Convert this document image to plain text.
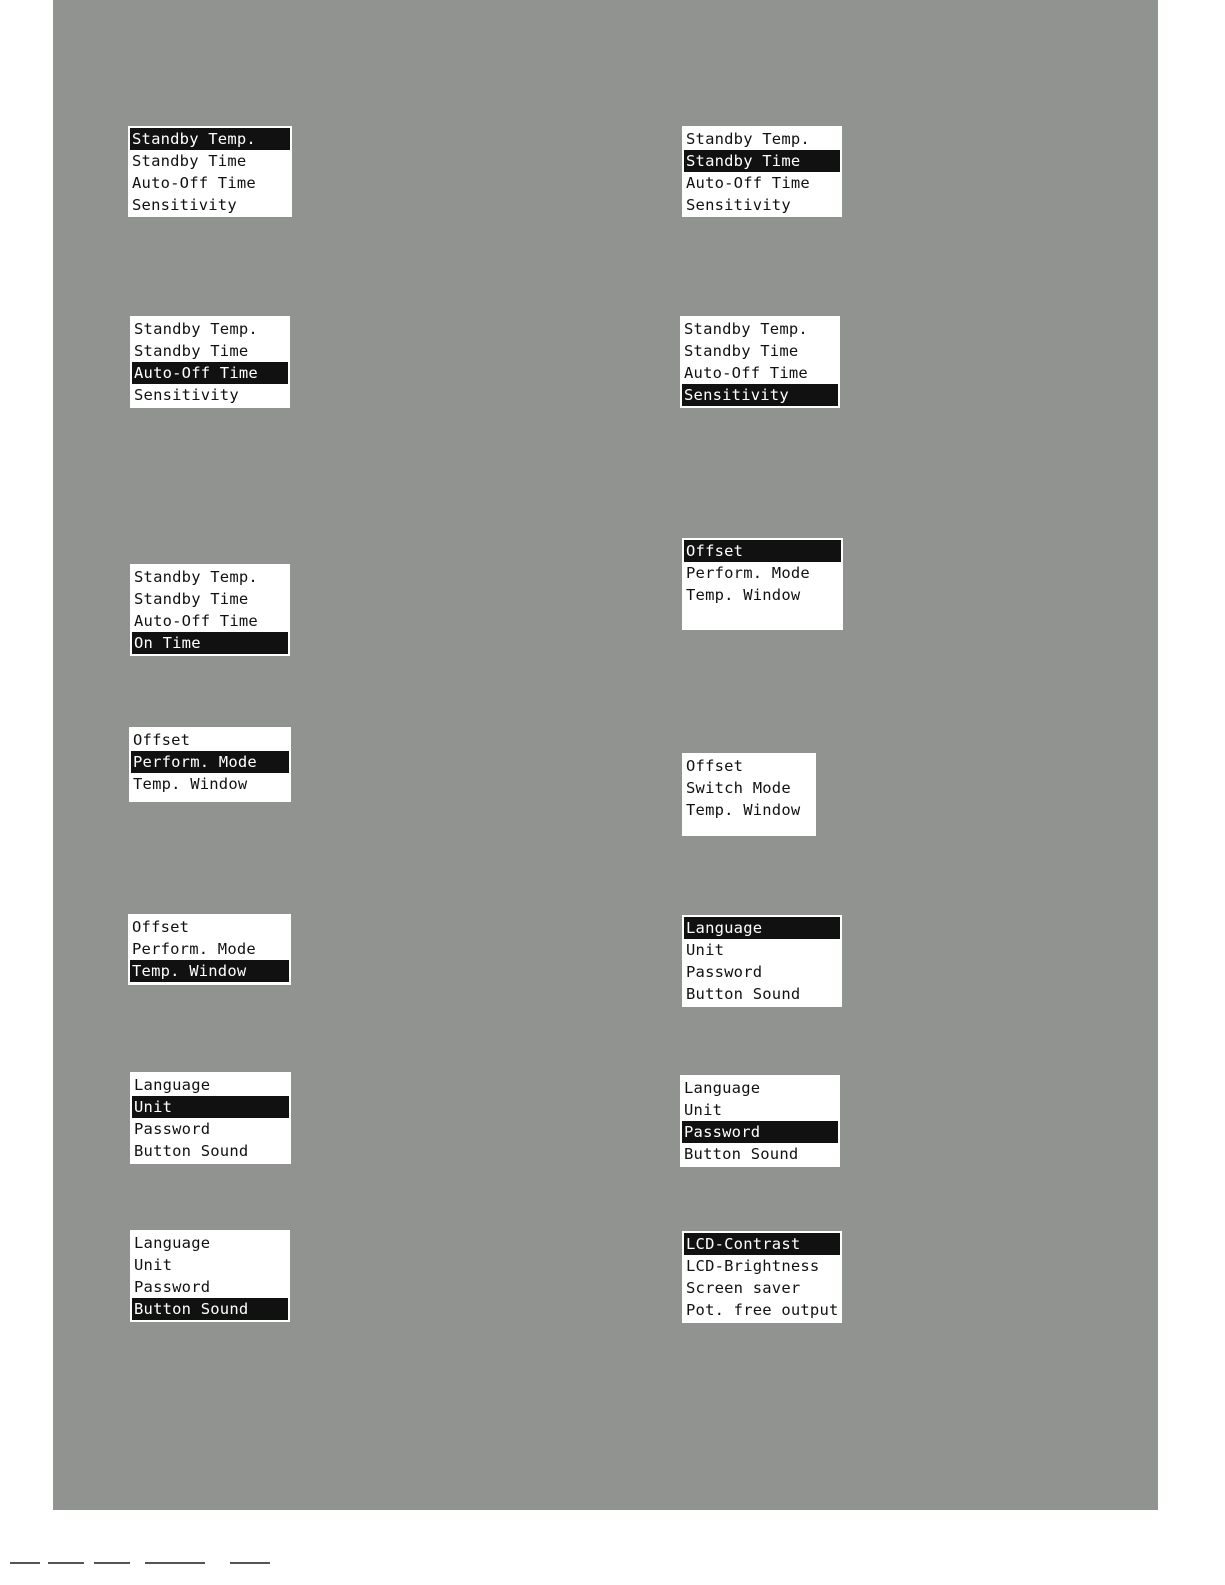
Standby Temp.
Standby Time
Auto-Off Time
Sensitivity
Standby Temp.
Standby Time
Auto-Off Time
Sensitivity
Standby Temp.
Standby Time
Auto-Off Time
Sensitivity
Standby Temp.
Standby Time
Auto-Off Time
Sensitivity
Standby Temp.
Standby Time
Auto-Off Time
On Time
Offset
Perform. Mode
Temp. Window
Offset
Perform. Mode
Temp. Window
Offset
Switch Mode
Temp. Window
Offset
Perform. Mode
Temp. Window
Language
Unit
Password
Button Sound
Language
Unit
Password
Button Sound
Language
Unit
Password
Button Sound
Language
Unit
Password
Button Sound
LCD-Contrast
LCD-Brightness
Screen saver
Pot. free output
